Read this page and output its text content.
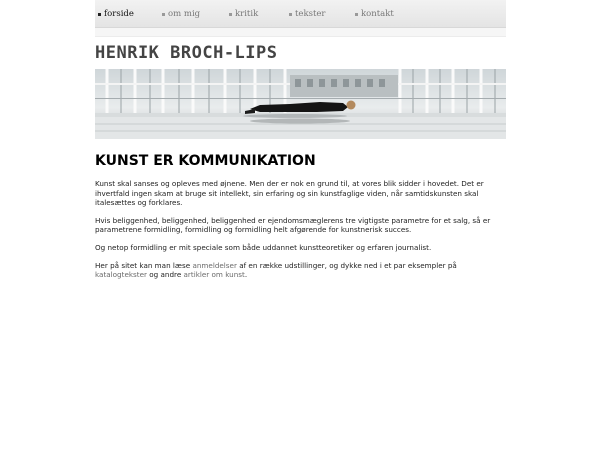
forside	om mig	kritik	tekster	kontakt
HENRIK BROCH-LIPS
KUNST ER KOMMUNIKATION

Kunst skal sanses og opleves med øjnene. Men der er nok en grund til, at vores blik sidder i hovedet. Det er ihvertfald ingen skam at bruge sit intellekt, sin erfaring og sin kunstfaglige viden, når samtidskunsten skal italesættes og forklares.

Hvis beliggenhed, beliggenhed, beliggenhed er ejendomsmæglerens tre vigtigste parametre for et salg, så er parametrene formidling, formidling og formidling helt afgørende for kunstnerisk succes.

Og netop formidling er mit speciale som både uddannet kunstteoretiker og erfaren journalist.

Her på sitet kan man læse anmeldelser af en række udstillinger, og dykke ned i et par eksempler på katalogtekster og andre artikler om kunst.
